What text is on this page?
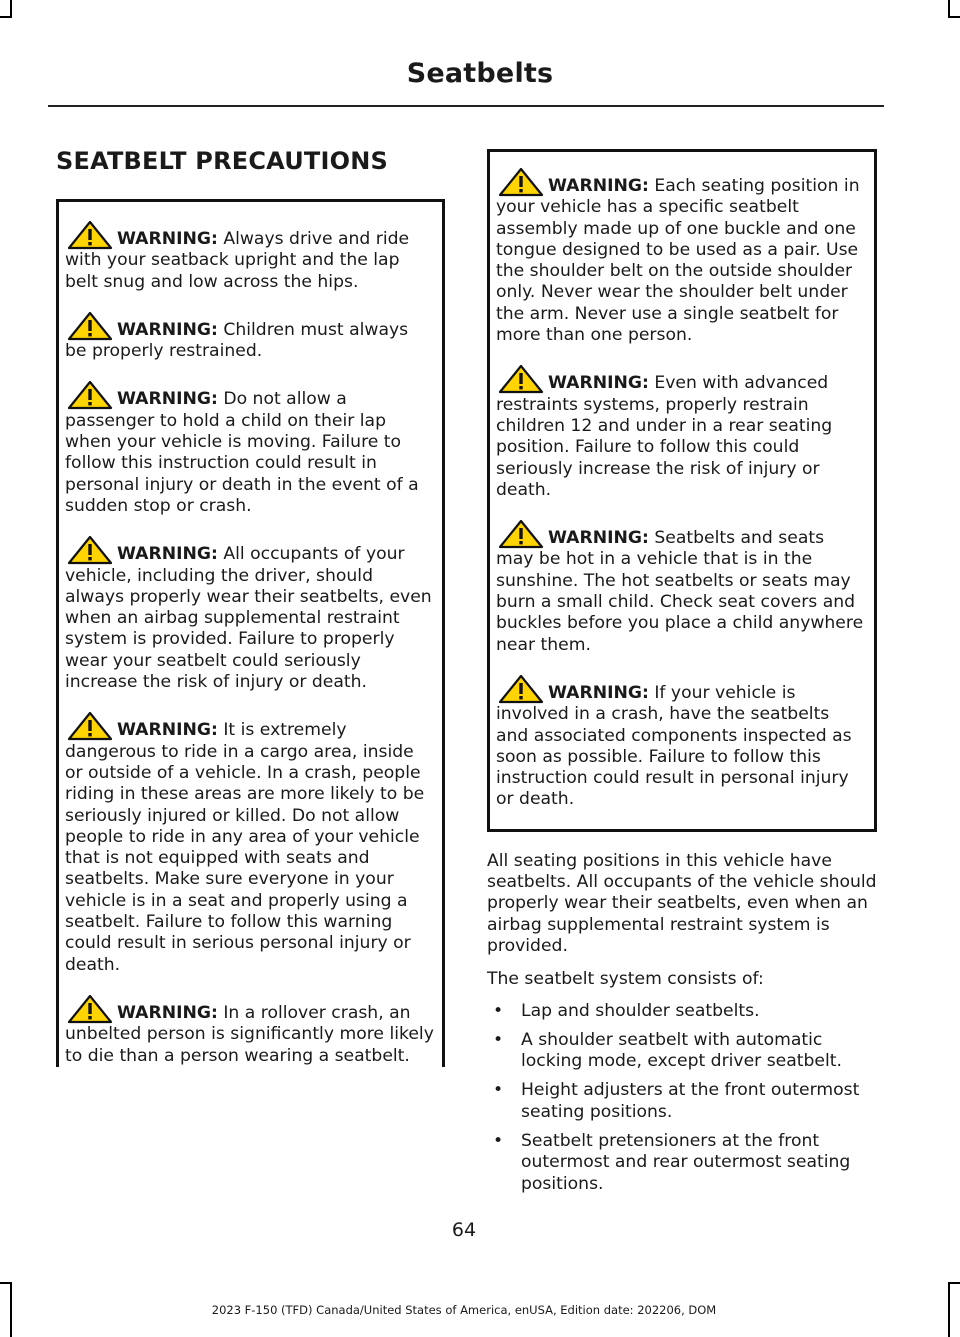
Seatbelts
SEATBELT PRECAUTIONS

WARNING: Always drive and ride with your seatback upright and the lap belt snug and low across the hips.

WARNING: Children must always be properly restrained.

WARNING: Do not allow a passenger to hold a child on their lap when your vehicle is moving. Failure to follow this instruction could result in personal injury or death in the event of a sudden stop or crash.

WARNING: All occupants of your vehicle, including the driver, should always properly wear their seatbelts, even when an airbag supplemental restraint system is provided. Failure to properly wear your seatbelt could seriously increase the risk of injury or death.

WARNING: It is extremely dangerous to ride in a cargo area, inside or outside of a vehicle. In a crash, people riding in these areas are more likely to be seriously injured or killed. Do not allow people to ride in any area of your vehicle that is not equipped with seats and seatbelts. Make sure everyone in your vehicle is in a seat and properly using a seatbelt. Failure to follow this warning could result in serious personal injury or death.

WARNING: In a rollover crash, an unbelted person is significantly more likely to die than a person wearing a seatbelt.

WARNING: Each seating position in your vehicle has a specific seatbelt assembly made up of one buckle and one tongue designed to be used as a pair. Use the shoulder belt on the outside shoulder only. Never wear the shoulder belt under the arm. Never use a single seatbelt for more than one person.

WARNING: Even with advanced restraints systems, properly restrain children 12 and under in a rear seating position. Failure to follow this could seriously increase the risk of injury or death.

WARNING: Seatbelts and seats may be hot in a vehicle that is in the sunshine. The hot seatbelts or seats may burn a small child. Check seat covers and buckles before you place a child anywhere near them.

WARNING: If your vehicle is involved in a crash, have the seatbelts and associated components inspected as soon as possible. Failure to follow this instruction could result in personal injury or death.

All seating positions in this vehicle have seatbelts. All occupants of the vehicle should properly wear their seatbelts, even when an airbag supplemental restraint system is provided.

The seatbelt system consists of:

• Lap and shoulder seatbelts.
• A shoulder seatbelt with automatic locking mode, except driver seatbelt.
• Height adjusters at the front outermost seating positions.
• Seatbelt pretensioners at the front outermost and rear outermost seating positions.
64
2023 F-150 (TFD) Canada/United States of America, enUSA, Edition date: 202206, DOM
